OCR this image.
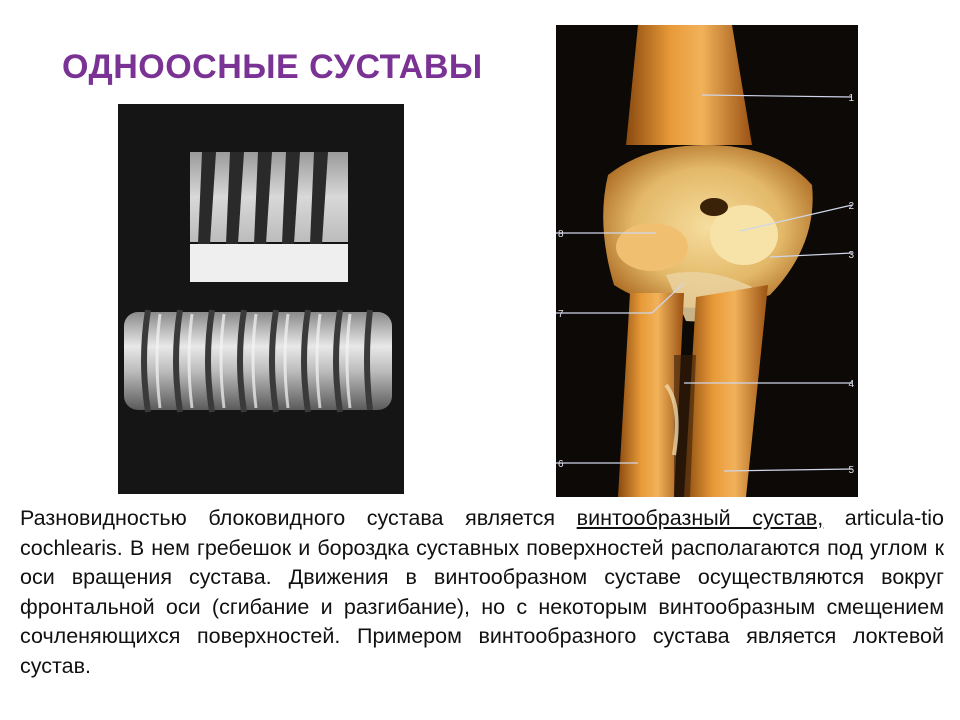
ОДНООСНЫЕ СУСТАВЫ
1
2
3
4
5
6
7
8

Разновидностью блоковидного сустава является винтообразный сустав, articula-tio cochlearis. В нем гребешок и бороздка суставных поверхностей располагаются под углом к оси вращения сустава. Движения в винтообразном суставе осуществляются вокруг фронтальной оси (сгибание и разгибание), но с некоторым винтообразным смещением сочленяющихся поверхностей. Примером винтообразного сустава является локтевой сустав.
